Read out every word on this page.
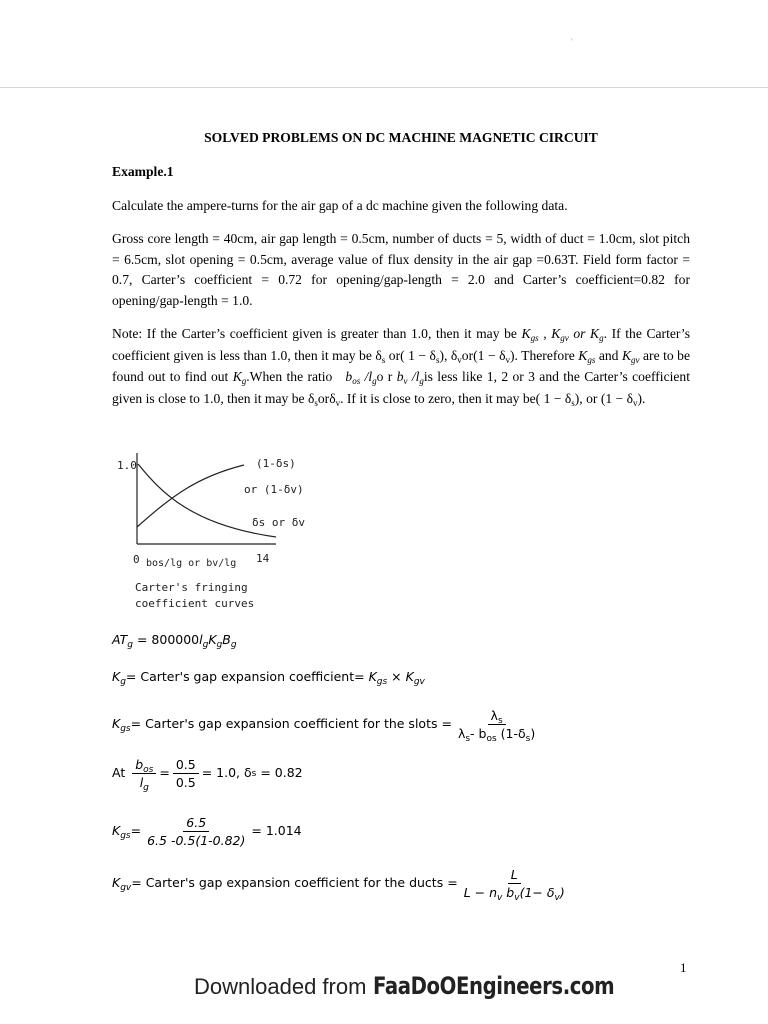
'
SOLVED PROBLEMS ON DC MACHINE MAGNETIC CIRCUIT
Example.1
Calculate the ampere-turns for the air gap of a dc machine given the following data.
Gross core length = 40cm, air gap length = 0.5cm, number of ducts = 5, width of duct = 1.0cm, slot pitch = 6.5cm, slot opening = 0.5cm, average value of flux density in the air gap =0.63T. Field form factor = 0.7, Carter’s coefficient = 0.72 for opening/gap-length = 2.0 and Carter’s coefficient=0.82 for opening/gap-length = 1.0.
Note: If the Carter’s coefficient given is greater than 1.0, then it may be $K_{gs}$ , $K_{gv}$ or $K_g$. If the Carter’s coefficient given is less than 1.0, then it may be $\delta_s$ or( $1 - \delta_s$), $\delta_vor(1 - \delta_v)$. Therefore $K_{gs}$ and $K_{gv}$ are to be found out to find out $K_g.When$ the ratio $b_{os}$ $/l_go$ r $b_v$ $/l_gis$ less like 1, 2 or 3 and the Carter’s coefficient given is close to 1.0, then it may be $\delta_sor\delta_v$. If it is close to zero, then it may be( $1 - \delta_s$), or $(1 - \delta_v)$.
1.0	(1-δs)
or (1-δv)
δs or δv
0 bos/lg or bv/lg 14
Carter's fringing
coefficient curves
$AT_g = 800000$ $l_gK_gB_g$
$K_g$ = Carter's gap expansion coefficient=
$K_{gs} \times K_{gv}$
$K_{gs}$ = Carter's gap expansion coefficient for the slots = $\frac{\lambda_s}{\lambda_s- b_{os} (1-\delta_s)}$
At
$\frac{b_{os}}{l_g} = \frac{0.5}{0.5} = 1.0$, δ s
= 0.82
$K_{gs} = \frac{6.5}{6.5 -0.5(1-0.82)} = 1.014$
$K_{gv}$ = Carter's gap expansion coefficient for the ducts = $\frac{L}{L - n_v b_v(1- \delta_v)}$
1
Downloaded from FaaDoOEngineers.com
